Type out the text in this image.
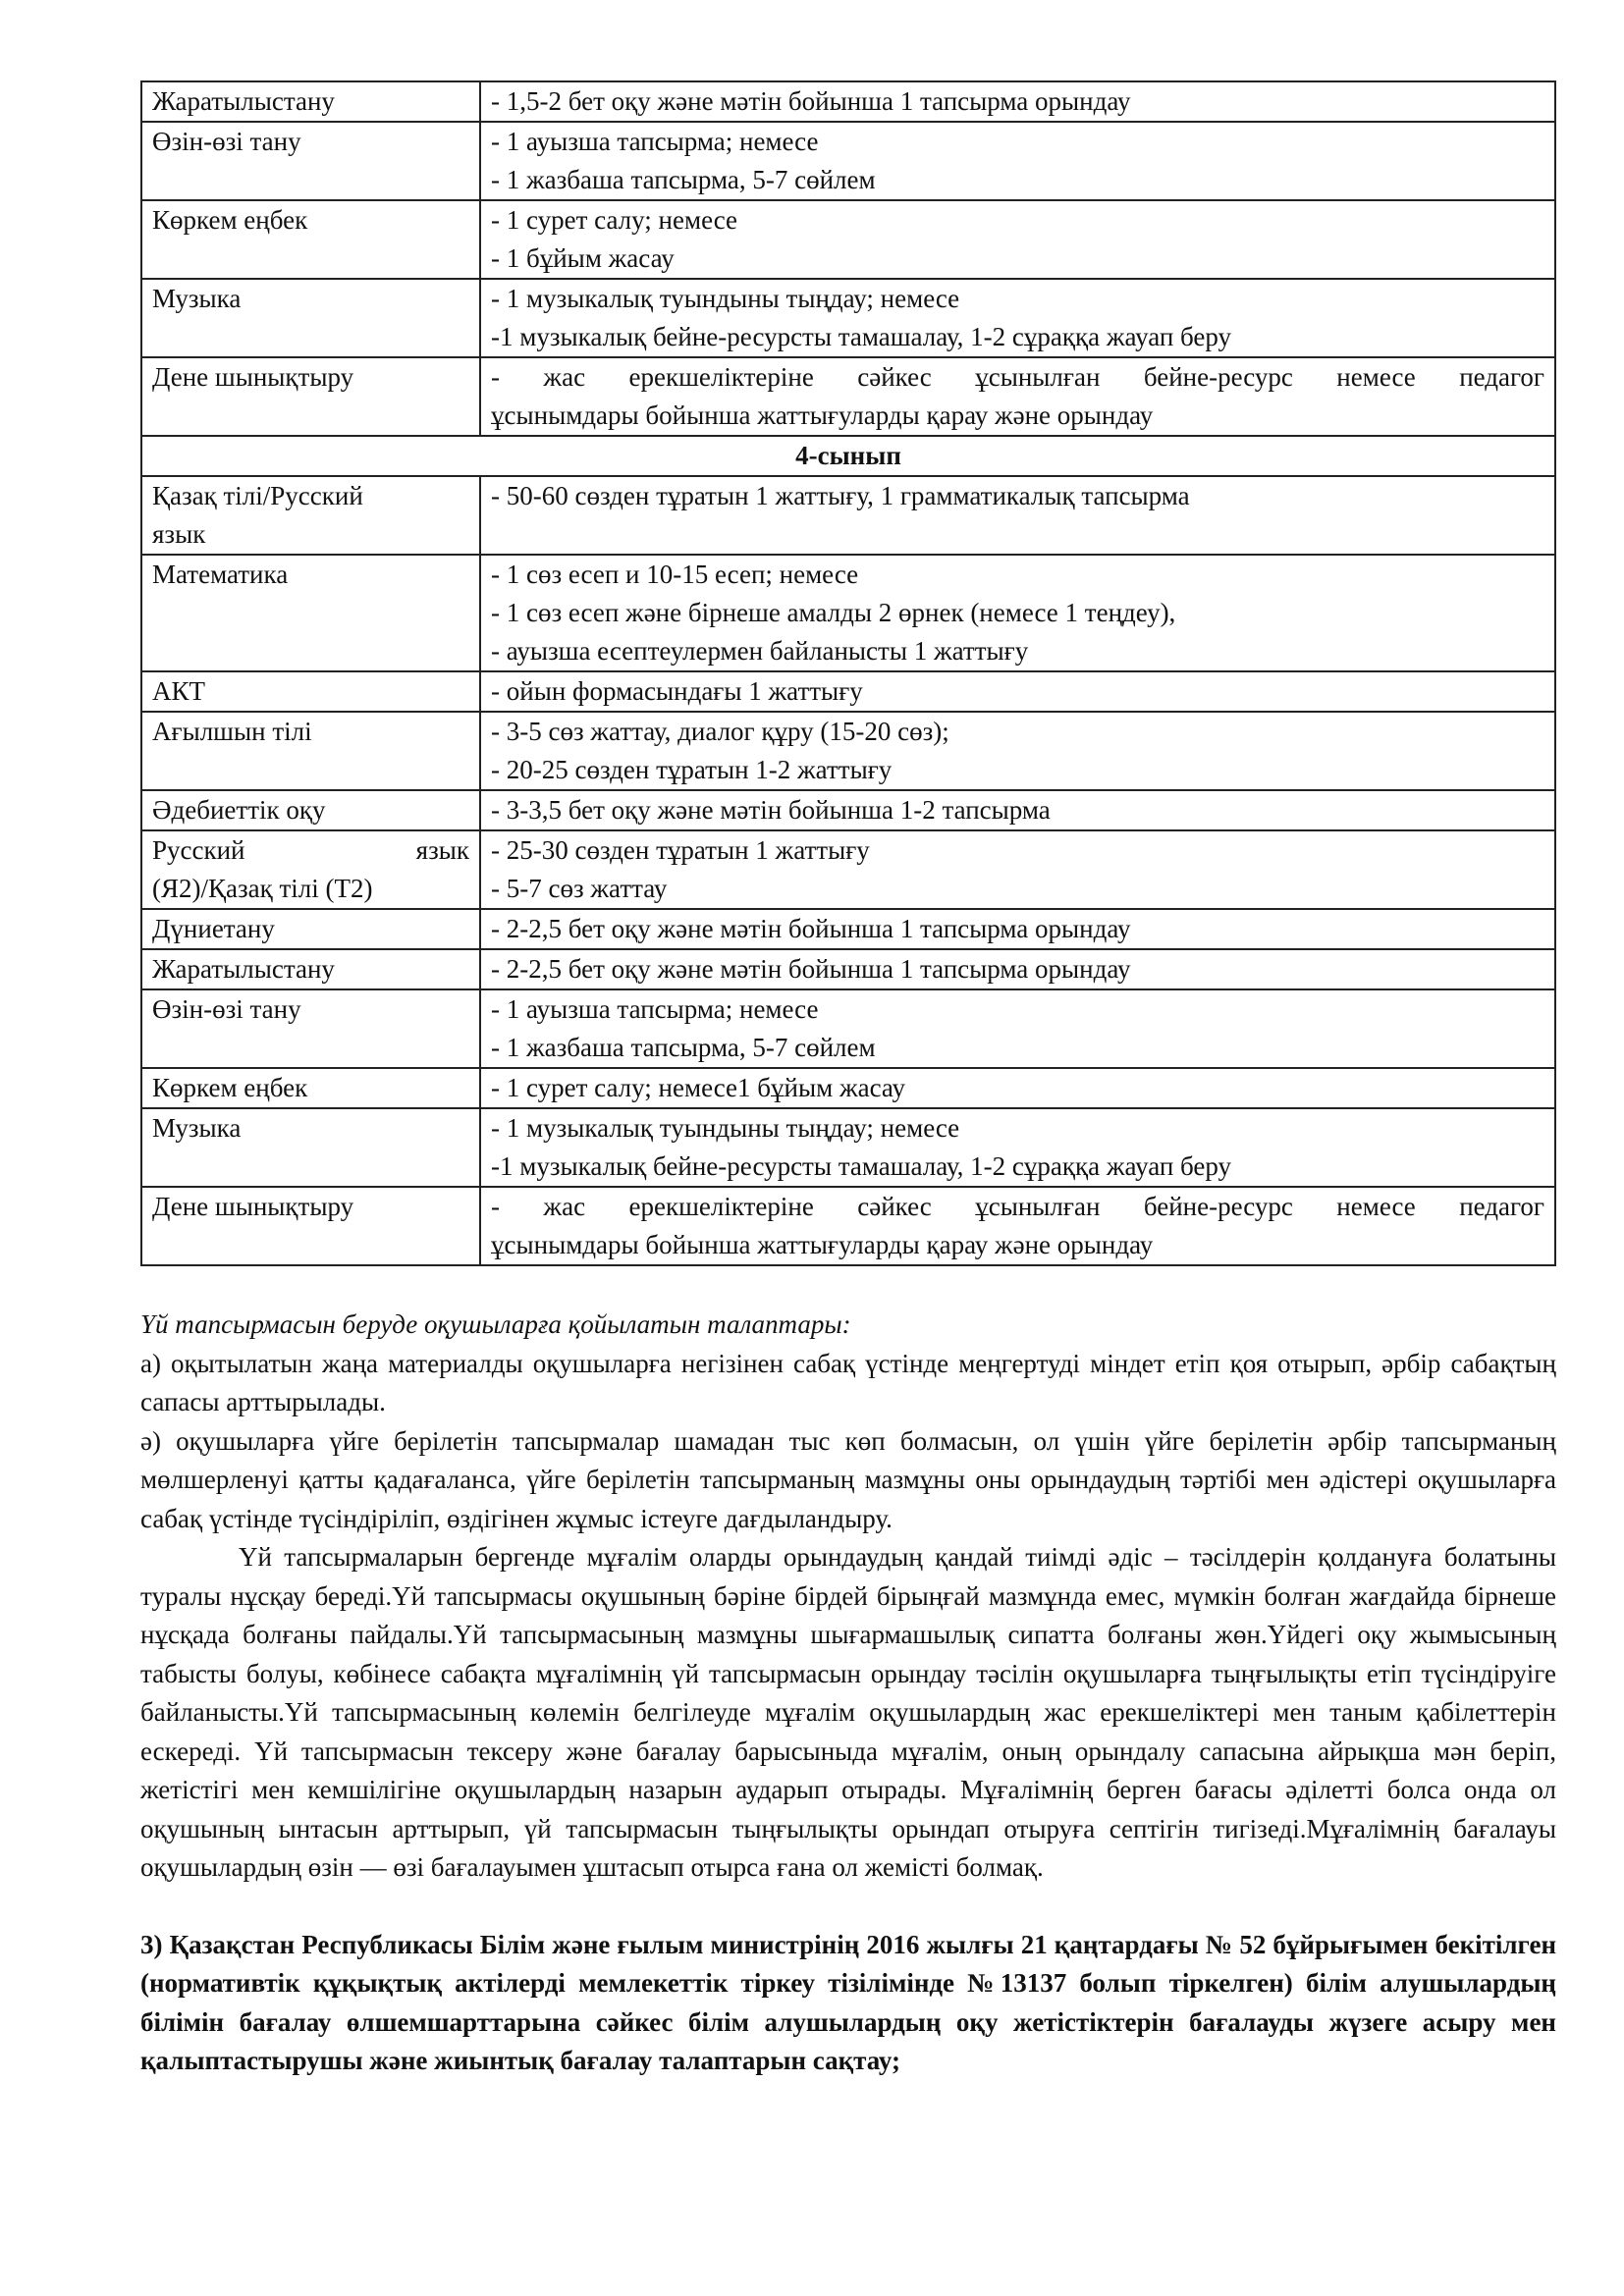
Жаратылыстану	- 1,5-2 бет оқу және мәтін бойынша 1 тапсырма орындау

Өзін-өзі тану	- 1 ауызша тапсырма; немесе
- 1 жазбаша тапсырма, 5-7 сөйлем

Көркем еңбек	- 1 сурет салу; немесе
- 1 бұйым жасау

Музыка	- 1 музыкалық туындыны тыңдау; немесе
-1 музыкалық бейне-ресурсты тамашалау, 1-2 сұраққа жауап беру

Дене шынықтыру	- жас ерекшеліктеріне сәйкес ұсынылған бейне-ресурс немесе педагог
ұсынымдары бойынша жаттығуларды қарау және орындау

4-сынып	

Қазақ тілі/Русский
язык	- 50-60 сөзден тұратын 1 жаттығу, 1 грамматикалық тапсырма

Математика	- 1 сөз есеп и 10-15 есеп; немесе
- 1 сөз есеп және бірнеше амалды 2 өрнек (немесе 1 теңдеу),
- ауызша есептеулермен байланысты 1 жаттығу

АКТ	- ойын формасындағы 1 жаттығу

Ағылшын тілі	- 3-5 сөз жаттау, диалог құру (15-20 сөз);
- 20-25 сөзден тұратын 1-2 жаттығу

Әдебиеттік оқу	- 3-3,5 бет оқу және мәтін бойынша 1-2 тапсырма

Русский язык
(Я2)/Қазақ тілі (Т2)	- 25-30 сөзден тұратын 1 жаттығу
- 5-7 сөз жаттау

Дүниетану	- 2-2,5 бет оқу және мәтін бойынша 1 тапсырма орындау

Жаратылыстану	- 2-2,5 бет оқу және мәтін бойынша 1 тапсырма орындау

Өзін-өзі тану	- 1 ауызша тапсырма; немесе
- 1 жазбаша тапсырма, 5-7 сөйлем

Көркем еңбек	- 1 сурет салу; немесе1 бұйым жасау

Музыка	- 1 музыкалық туындыны тыңдау; немесе
-1 музыкалық бейне-ресурсты тамашалау, 1-2 сұраққа жауап беру

Дене шынықтыру	- жас ерекшеліктеріне сәйкес ұсынылған бейне-ресурс немесе педагог
ұсынымдары бойынша жаттығуларды қарау және орындау

Үй тапсырмасын беруде оқушыларға қойылатын талаптары:

а) оқытылатын жаңа материалды оқушыларға негізінен сабақ үстінде меңгертуді міндет етіп қоя отырып, әрбір сабақтың сапасы арттырылады.

ә) оқушыларға үйге берілетін тапсырмалар шамадан тыс көп болмасын, ол үшін үйге берілетін әрбір тапсырманың мөлшерленуі қатты қадағаланса, үйге берілетін тапсырманың мазмұны оны орындаудың тәртібі мен әдістері оқушыларға сабақ үстінде түсіндіріліп, өздігінен жұмыс істеуге дағдыландыру.

Үй тапсырмаларын бергенде мұғалім оларды орындаудың қандай тиімді әдіс – тәсілдерін қолдануға болатыны туралы нұсқау береді.Үй тапсырмасы оқушының бәріне бірдей бірыңғай мазмұнда емес, мүмкін болған жағдайда бірнеше нұсқада болғаны пайдалы.Үй тапсырмасының мазмұны шығармашылық сипатта болғаны жөн.Үйдегі оқу жымысының табысты болуы, көбінесе сабақта мұғалімнің үй тапсырмасын орындау тәсілін оқушыларға тыңғылықты етіп түсіндіруіге байланысты.Үй тапсырмасының көлемін белгілеуде мұғалім оқушылардың жас ерекшеліктері мен таным қабілеттерін ескереді. Үй тапсырмасын тексеру және бағалау барысыныда мұғалім, оның орындалу сапасына айрықша мән беріп, жетістігі мен кемшілігіне оқушылардың назарын аударып отырады. Мұғалімнің берген бағасы әділетті болса онда ол оқушының ынтасын арттырып, үй тапсырмасын тыңғылықты орындап отыруға септігін тигізеді.Мұғалімнің бағалауы оқушылардың өзін — өзі бағалауымен ұштасып отырса ғана ол жемісті болмақ.

3) Қазақстан Республикасы Білім және ғылым министрінің 2016 жылғы 21 қаңтардағы № 52 бұйрығымен бекітілген (нормативтік құқықтық актілерді мемлекеттік тіркеу тізілімінде №13137 болып тіркелген) білім алушылардың білімін бағалау өлшемшарттарына сәйкес білім алушылардың оқу жетістіктерін бағалауды жүзеге асыру мен қалыптастырушы және жиынтық бағалау талаптарын сақтау;
